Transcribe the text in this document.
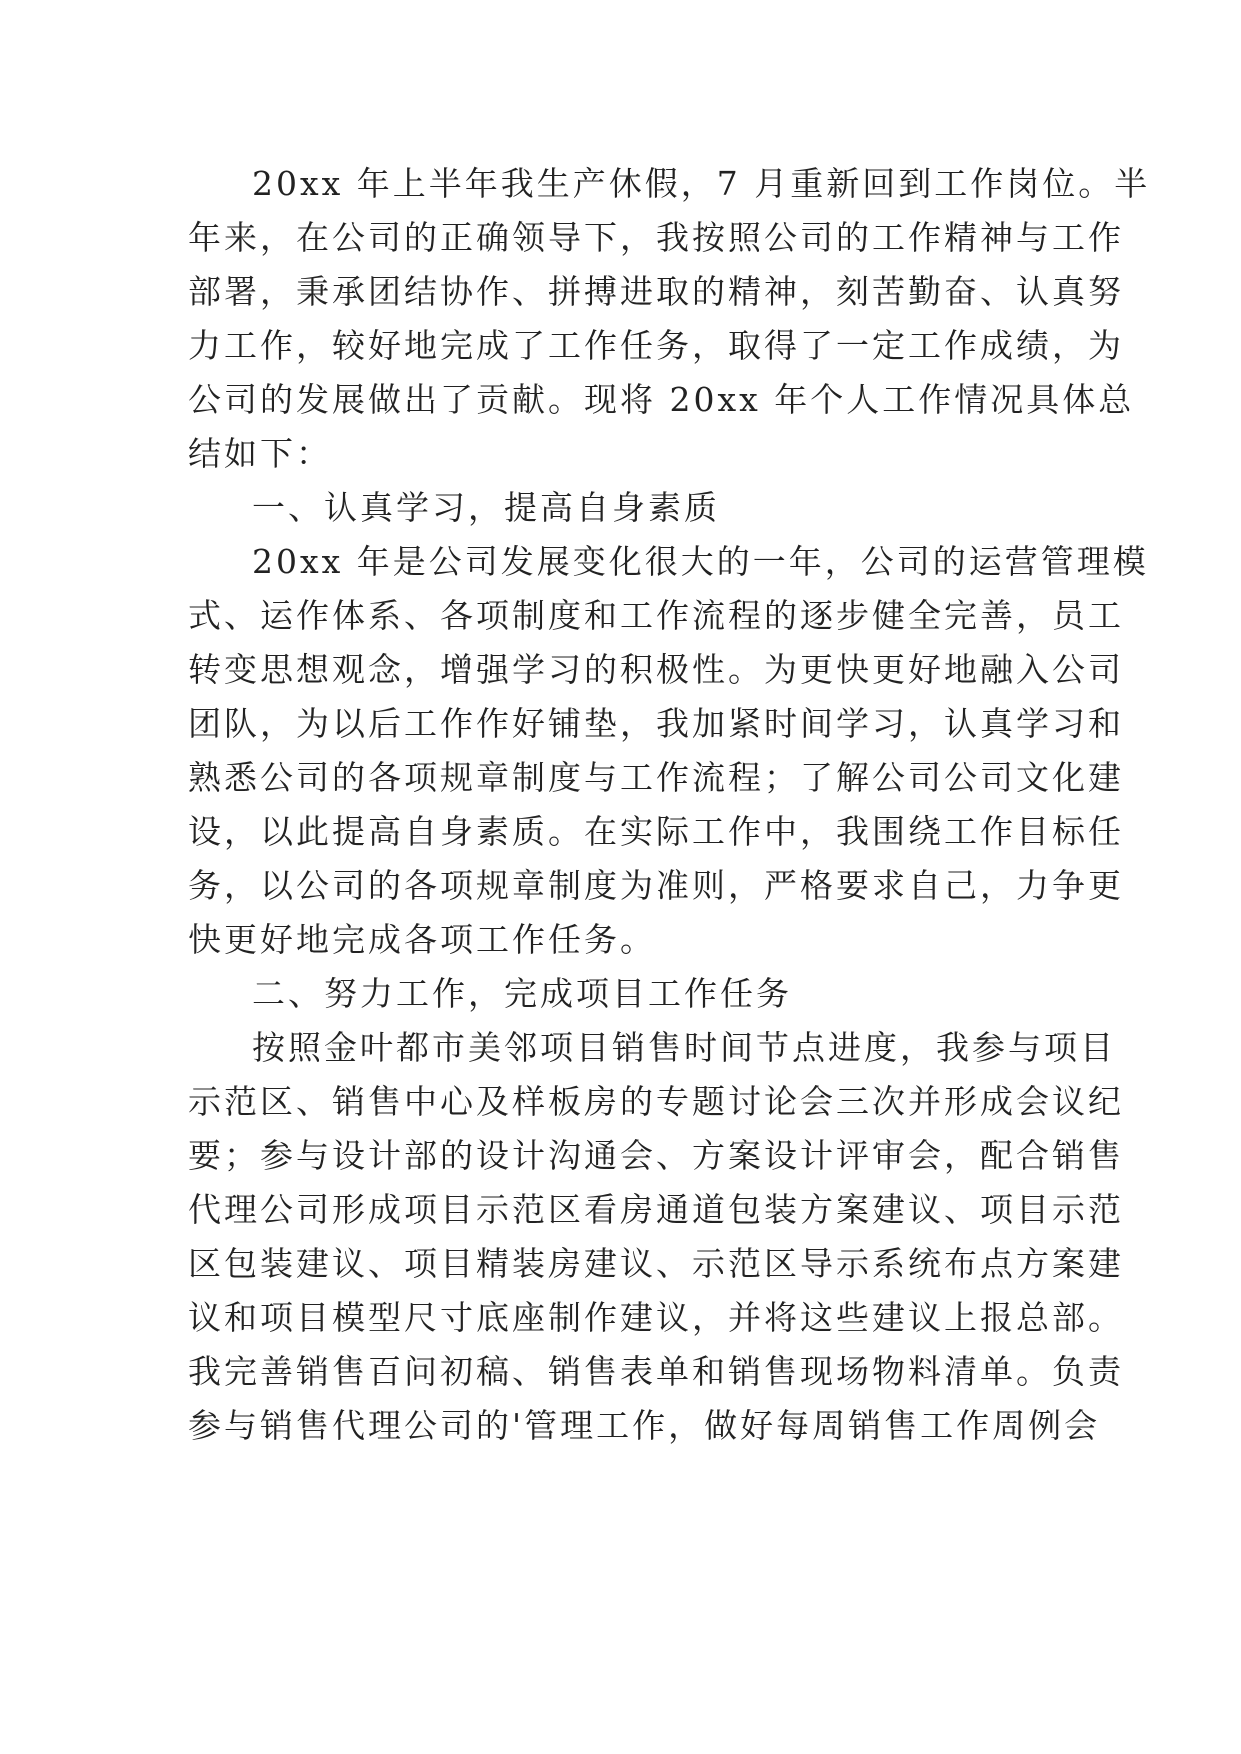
20xx 年上半年我生产休假，7 月重新回到工作岗位。半
年来，在公司的正确领导下，我按照公司的工作精神与工作
部署，秉承团结协作、拼搏进取的精神，刻苦勤奋、认真努
力工作，较好地完成了工作任务，取得了一定工作成绩，为
公司的发展做出了贡献。现将 20xx 年个人工作情况具体总
结如下：
一、认真学习，提高自身素质
20xx 年是公司发展变化很大的一年，公司的运营管理模
式、运作体系、各项制度和工作流程的逐步健全完善，员工
转变思想观念，增强学习的积极性。为更快更好地融入公司
团队，为以后工作作好铺垫，我加紧时间学习，认真学习和
熟悉公司的各项规章制度与工作流程；了解公司公司文化建
设，以此提高自身素质。在实际工作中，我围绕工作目标任
务，以公司的各项规章制度为准则，严格要求自己，力争更
快更好地完成各项工作任务。
二、努力工作，完成项目工作任务
按照金叶都市美邻项目销售时间节点进度，我参与项目
示范区、销售中心及样板房的专题讨论会三次并形成会议纪
要；参与设计部的设计沟通会、方案设计评审会，配合销售
代理公司形成项目示范区看房通道包装方案建议、项目示范
区包装建议、项目精装房建议、示范区导示系统布点方案建
议和项目模型尺寸底座制作建议，并将这些建议上报总部。
我完善销售百问初稿、销售表单和销售现场物料清单。负责
参与销售代理公司的'管理工作，做好每周销售工作周例会
